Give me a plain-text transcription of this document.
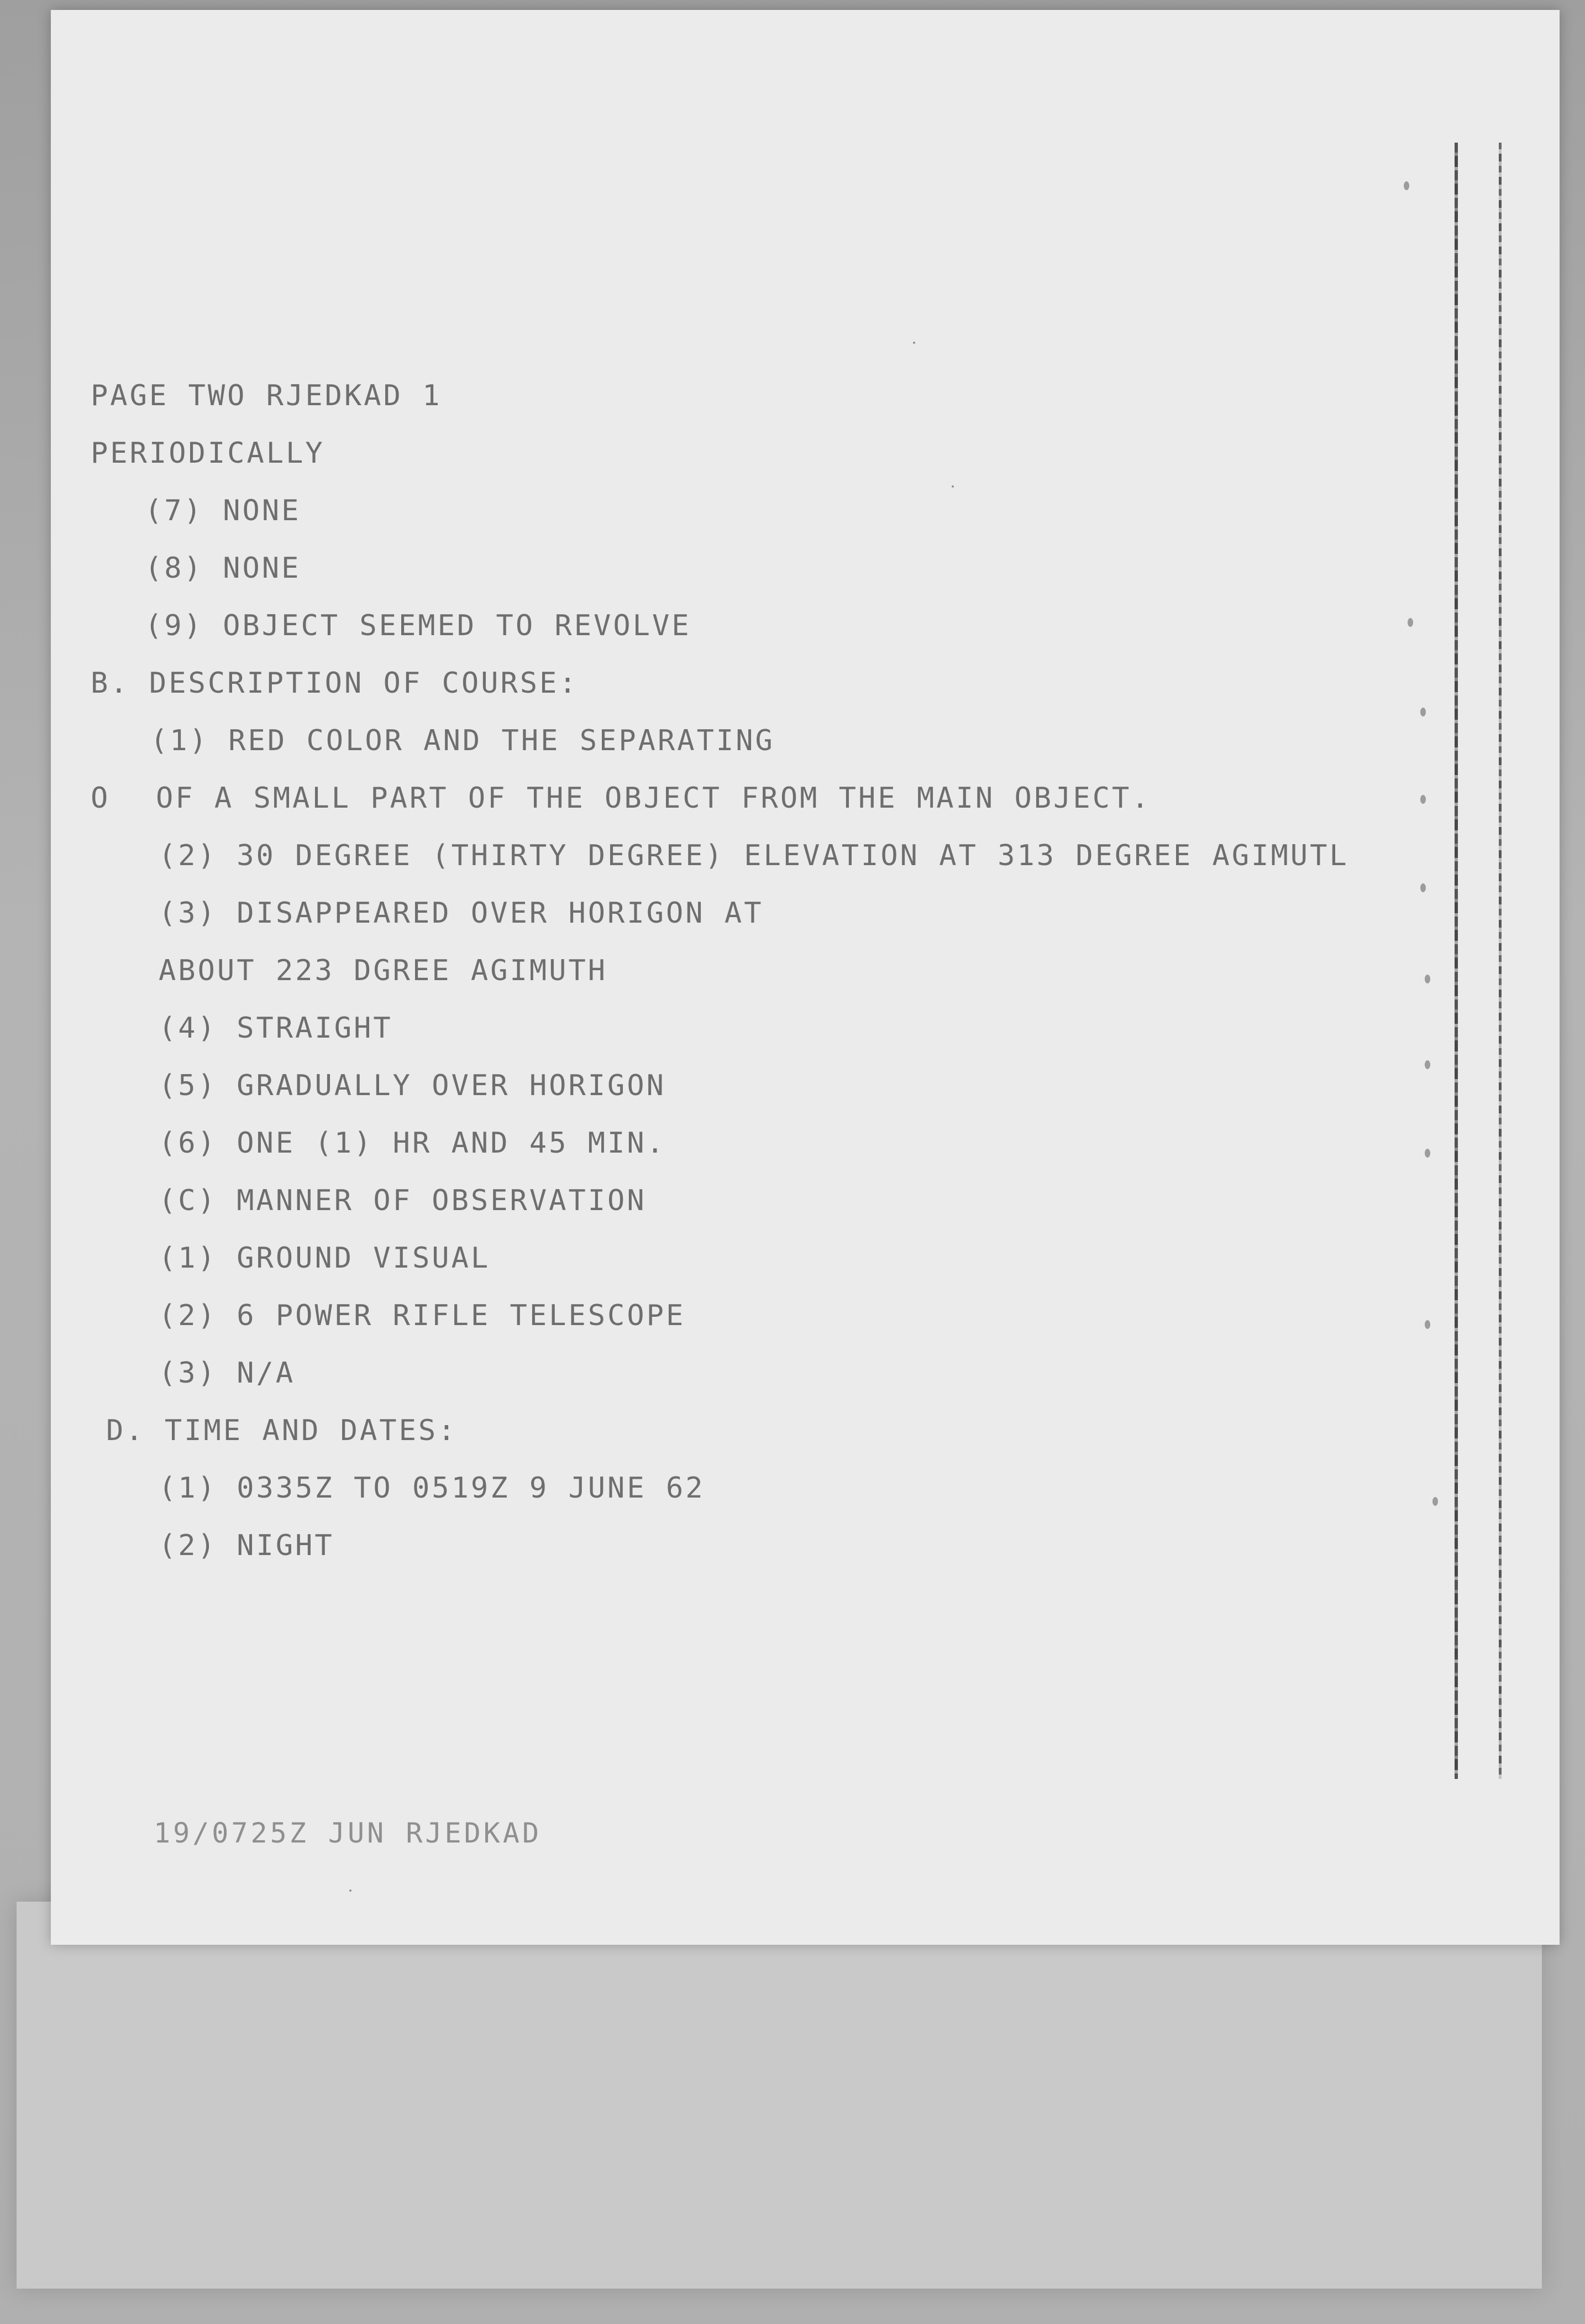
PAGE TWO RJEDKAD 1
PERIODICALLY
(7) NONE
(8) NONE
(9) OBJECT SEEMED TO REVOLVE
B. DESCRIPTION OF COURSE:
(1) RED COLOR AND THE SEPARATING
O OF A SMALL PART OF THE OBJECT FROM THE MAIN OBJECT.
(2) 30 DEGREE (THIRTY DEGREE) ELEVATION AT 313 DEGREE AGIMUTL
(3) DISAPPEARED OVER HORIGON AT
ABOUT 223 DGREE AGIMUTH
(4) STRAIGHT
(5) GRADUALLY OVER HORIGON
(6) ONE (1) HR AND 45 MIN.
(C) MANNER OF OBSERVATION
(1) GROUND VISUAL
(2) 6 POWER RIFLE TELESCOPE
(3) N/A
D. TIME AND DATES:
(1) 0335Z TO 0519Z 9 JUNE 62
(2) NIGHT
19/0725Z JUN RJEDKAD
